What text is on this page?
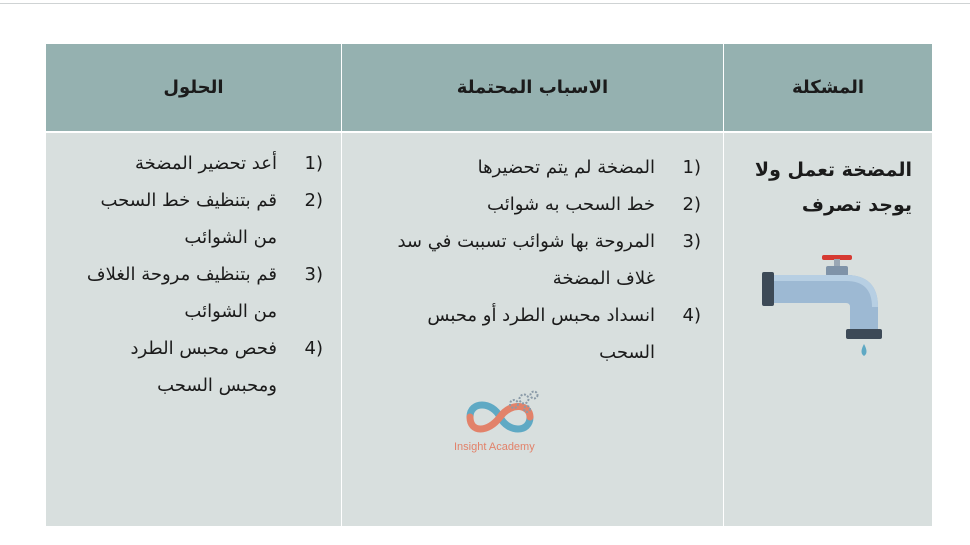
المشكلة
المضخة تعمل ولا يوجد تصرف
الاسباب المحتملة
1)
المضخة لم يتم تحضيرها
2)
خط السحب به شوائب
3)
المروحة بها شوائب تسببت في سد غلاف المضخة
4)
انسداد محبس الطرد أو محبس السحب
Insight Academy
الحلول
1)
أعد تحضير المضخة
2)
قم بتنظيف خط السحب من الشوائب
3)
قم بتنظيف مروحة الغلاف من الشوائب
4)
فحص محبس الطرد ومحبس السحب
